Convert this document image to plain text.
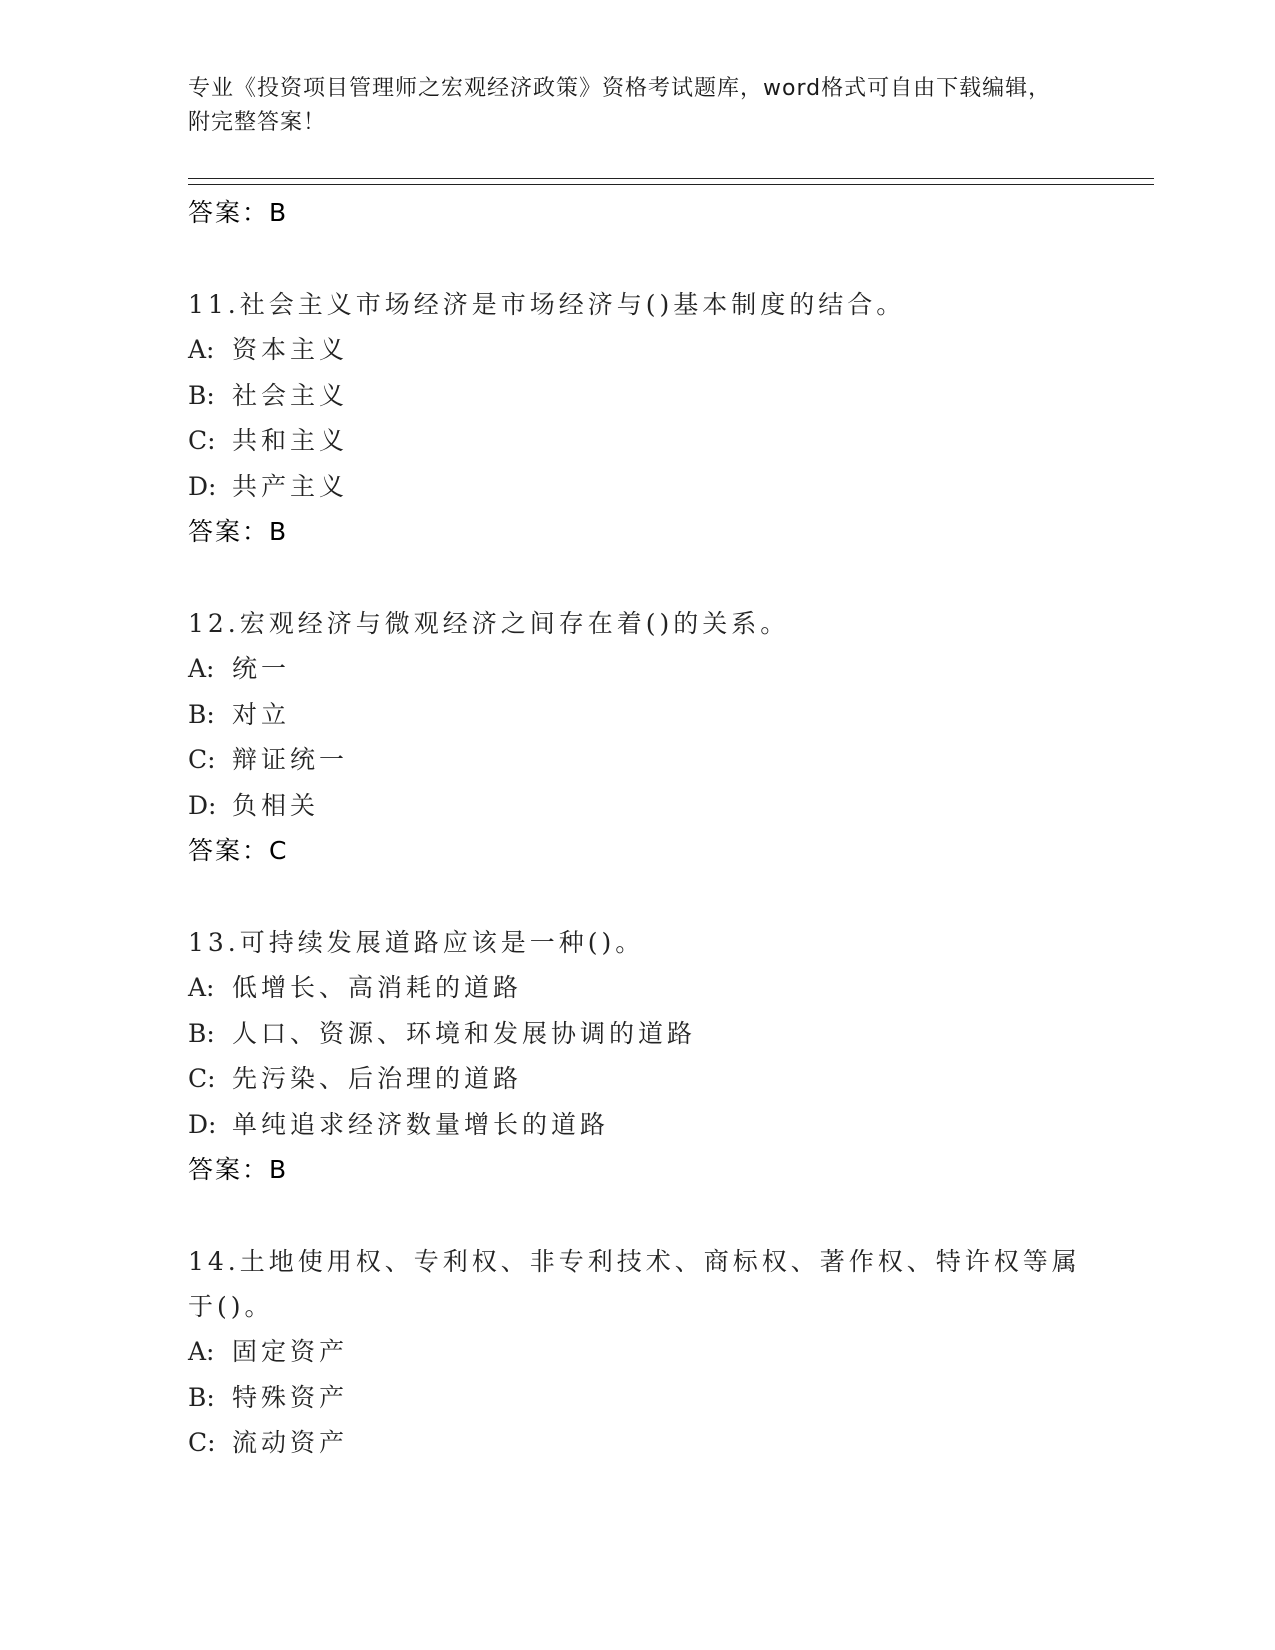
专业《投资项目管理师之宏观经济政策》资格考试题库，word格式可自由下载编辑，附完整答案！
答案：B
11.社会主义市场经济是市场经济与()基本制度的结合。
A: 资本主义
B: 社会主义
C: 共和主义
D: 共产主义
答案：B
12.宏观经济与微观经济之间存在着()的关系。
A: 统一
B: 对立
C: 辩证统一
D: 负相关
答案：C
13.可持续发展道路应该是一种()。
A: 低增长、高消耗的道路
B: 人口、资源、环境和发展协调的道路
C: 先污染、后治理的道路
D: 单纯追求经济数量增长的道路
答案：B
14.土地使用权、专利权、非专利技术、商标权、著作权、特许权等属于()。
A: 固定资产
B: 特殊资产
C: 流动资产
